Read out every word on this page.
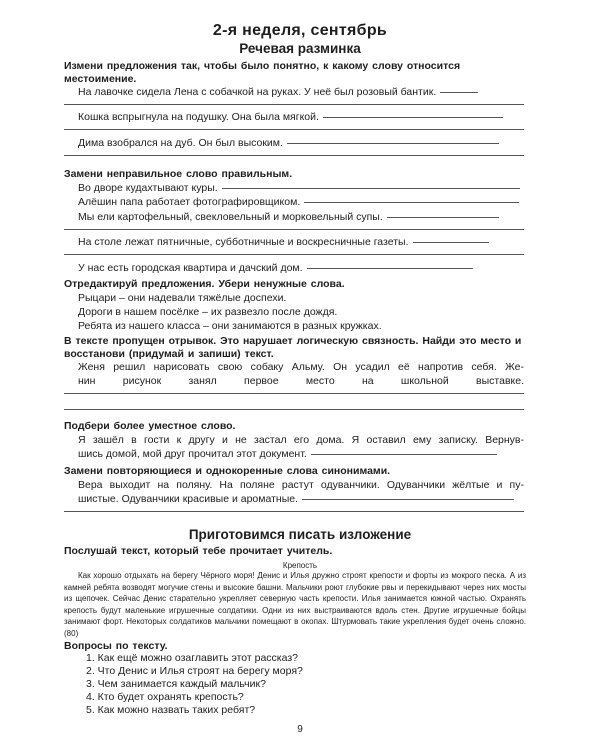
2-я неделя, сентябрь
Речевая разминка
Измени предложения так, чтобы было понятно, к какому слову относится местоимение.
На лавочке сидела Лена с собачкой на руках. У неё был розовый бантик.
Кошка вспрыгнула на подушку. Она была мягкой.
Дима взобрался на дуб. Он был высоким.
Замени неправильное слово правильным.
Во дворе кудахтывают куры.
Алёшин папа работает фотографировщиком.
Мы ели картофельный, свекловельный и морковельный супы.
На столе лежат пятничные, субботничные и воскресничные газеты.
У нас есть городская квартира и дачский дом.
Отредактируй предложения. Убери ненужные слова.
Рыцари – они надевали тяжёлые доспехи.
Дороги в нашем посёлке – их развезло после дождя.
Ребята из нашего класса – они занимаются в разных кружках.
В тексте пропущен отрывок. Это нарушает логическую связность. Найди это место и восстанови (придумай и запиши) текст.
Женя решил нарисовать свою собаку Альму. Он усадил её напротив себя. Же-
нин рисунок занял первое место на школьной выставке.
Подбери более уместное слово.
Я зашёл в гости к другу и не застал его дома. Я оставил ему записку. Вернув-
шись домой, мой друг прочитал этот документ.
Замени повторяющиеся и однокоренные слова синонимами.
Вера выходит на поляну. На поляне растут одуванчики. Одуванчики жёлтые и пу-
шистые. Одуванчики красивые и ароматные.
Приготовимся писать изложение
Послушай текст, который тебе прочитает учитель.
Крепость
Как хорошо отдыхать на берегу Чёрного моря! Денис и Илья дружно строят крепости и форты из мокрого песка. А из камней ребята возводят могучие стены и высокие башни. Мальчики роют глубокие рвы и перекидывают через них мосты из щепочек. Сейчас Денис старательно укрепляет северную часть крепости. Илья занимается южной частью. Охранять крепость будут маленькие игрушечные солдатики. Одни из них выстраиваются вдоль стен. Другие игрушечные бойцы занимают форт. Некоторых солдатиков мальчики помещают в окопах. Штурмовать такие укрепления будет очень сложно. (80)
Вопросы по тексту.
1. Как ещё можно озаглавить этот рассказ?
2. Что Денис и Илья строят на берегу моря?
3. Чем занимается каждый мальчик?
4. Кто будет охранять крепость?
5. Как можно назвать таких ребят?
9
